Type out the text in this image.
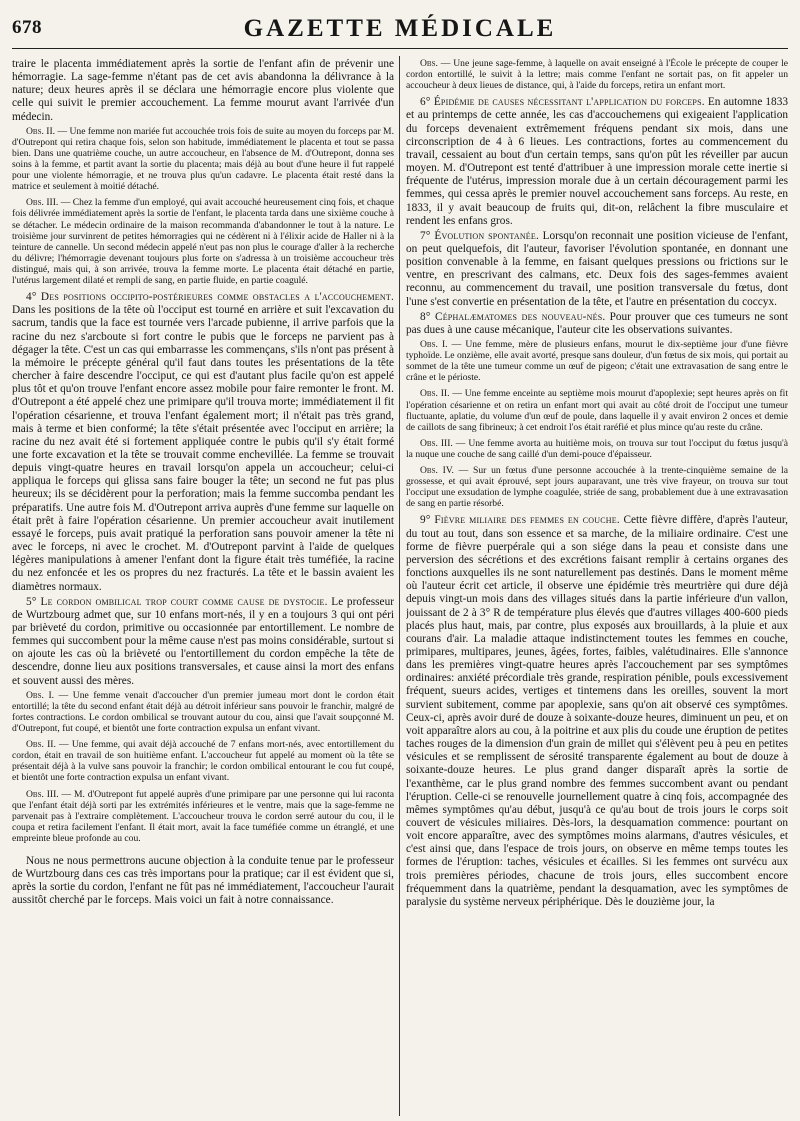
678	GAZETTE MÉDICALE

traire le placenta immédiatement après la sortie de l'enfant afin de prévenir une hémorragie. La sage-femme n'étant pas de cet avis abandonna la délivrance à la nature; deux heures après il se déclara une hémorragie encore plus violente que celle qui suivit le premier accouchement. La femme mourut avant l'arrivée d'un médecin.

Obs. II. — Une femme non mariée fut accouchée trois fois de suite au moyen du forceps par M. d'Outrepont qui retira chaque fois, selon son habitude, immédiatement le placenta et tout se passa bien. Dans une quatrième couche, un autre accoucheur, en l'absence de M. d'Outrepont, donna ses soins à la femme, et partit avant la sortie du placenta; mais déjà au bout d'une heure il fut rappelé pour une violente hémorragie, et ne trouva plus qu'un cadavre. Le placenta était resté dans la matrice et seulement à moitié détaché.

Obs. III. — Chez la femme d'un employé, qui avait accouché heureusement cinq fois, et chaque fois délivrée immédiatement après la sortie de l'enfant, le placenta tarda dans une sixième couche à se détacher. Le médecin ordinaire de la maison recommanda d'abandonner le tout à la nature. Le troisième jour survinrent de petites hémorragies qui ne cédèrent ni à l'élixir acide de Haller ni à la teinture de cannelle. Un second médecin appelé n'eut pas non plus le courage d'aller à la recherche du délivre; l'hémorragie devenant toujours plus forte on s'adressa à un troisième accoucheur très distingué, mais qui, à son arrivée, trouva la femme morte. Le placenta était détaché en partie, l'utérus largement dilaté et rempli de sang, en partie fluide, en partie coagulé.

4° Des positions occipito-postérieures comme obstacles a l'accouchement. Dans les positions de la tête où l'occiput est tourné en arrière et suit l'excavation du sacrum, tandis que la face est tournée vers l'arcade pubienne, il arrive parfois que la racine du nez s'arcboute si fort contre le pubis que le forceps ne parvient pas à dégager la tête. C'est un cas qui embarrasse les commençans, s'ils n'ont pas présent à la mémoire le précepte général qu'il faut dans toutes les présentations de la tête chercher à faire descendre l'occiput, ce qui est d'autant plus facile qu'on est appelé plus tôt et qu'on trouve l'enfant encore assez mobile pour faire remonter le front. M. d'Outrepont a été appelé chez une primipare qu'il trouva morte; immédiatement il fit l'opération césarienne, et trouva l'enfant également mort; il n'était pas très grand, mais à terme et bien conformé; la tête s'était présentée avec l'occiput en arrière; la racine du nez avait été si fortement appliquée contre le pubis qu'il s'y était formé une forte excavation et la tête se trouvait comme enchevillée. La femme se trouvait depuis vingt-quatre heures en travail lorsqu'on appela un accoucheur; celui-ci appliqua le forceps qui glissa sans faire bouger la tête; un second ne fut pas plus heureux; ils se décidèrent pour la perforation; mais la femme succomba pendant les préparatifs. Une autre fois M. d'Outrepont arriva auprès d'une femme sur laquelle on était prêt à faire l'opération césarienne. Un premier accoucheur avait inutilement essayé le forceps, puis avait pratiqué la perforation sans pouvoir amener la tête ni avec le forceps, ni avec le crochet. M. d'Outrepont parvint à l'aide de quelques légères manipulations à amener l'enfant dont la figure était très tuméfiée, la racine du nez enfoncée et les os propres du nez fracturés. La tête et le bassin avaient les diamètres normaux.

5° Le cordon ombilical trop court comme cause de dystocie. Le professeur de Wurtzbourg admet que, sur 10 enfans mort-nés, il y en a toujours 3 qui ont péri par brièveté du cordon, primitive ou occasionnée par entortillement. Le nombre de femmes qui succombent pour la même cause n'est pas moins considérable, surtout si on ajoute les cas où la brièveté ou l'entortillement du cordon empêche la tête de descendre, donne lieu aux positions transversales, et cause ainsi la mort des enfans et souvent aussi des mères.

Obs. I. — Une femme venait d'accoucher d'un premier jumeau mort dont le cordon était entortillé; la tête du second enfant était déjà au détroit inférieur sans pouvoir le franchir, malgré de fortes contractions. Le cordon ombilical se trouvant autour du cou, ainsi que l'avait soupçonné M. d'Outrepont, fut coupé, et bientôt une forte contraction expulsa un enfant vivant.

Obs. II. — Une femme, qui avait déjà accouché de 7 enfans mort-nés, avec entortillement du cordon, était en travail de son huitième enfant. L'accoucheur fut appelé au moment où la tête se présentait déjà à la vulve sans pouvoir la franchir; le cordon ombilical entourant le cou fut coupé, et bientôt une forte contraction expulsa un enfant vivant.

Obs. III. — M. d'Outrepont fut appelé auprès d'une primipare par une personne qui lui raconta que l'enfant était déjà sorti par les extrémités inférieures et le ventre, mais que la sage-femme ne parvenait pas à l'extraire complètement. L'accoucheur trouva le cordon serré autour du cou, il le coupa et retira facilement l'enfant. Il était mort, avait la face tuméfiée comme un étranglé, et une empreinte bleue profonde au cou.

Nous ne nous permettrons aucune objection à la conduite tenue par le professeur de Wurtzbourg dans ces cas très importans pour la pratique; car il est évident que si, après la sortie du cordon, l'enfant ne fût pas né immédiatement, l'accoucheur l'aurait aussitôt cherché par le forceps. Mais voici un fait à notre connaissance.

Obs. — Une jeune sage-femme, à laquelle on avait enseigné à l'École le précepte de couper le cordon entortillé, le suivit à la lettre; mais comme l'enfant ne sortait pas, on fit appeler un accoucheur à deux lieues de distance, qui, à l'aide du forceps, retira un enfant mort.

6° Épidémie de causes nécessitant l'application du forceps. En automne 1833 et au printemps de cette année, les cas d'accouchemens qui exigeaient l'application du forceps devenaient extrêmement fréquens pendant six mois, dans une circonscription de 4 à 6 lieues. Les contractions, fortes au commencement du travail, cessaient au bout d'un certain temps, sans qu'on pût les réveiller par aucun moyen. M. d'Outrepont est tenté d'attribuer à une impression morale cette inertie si fréquente de l'utérus, impression morale due à un certain découragement parmi les femmes, qui cessa après le premier nouvel accouchement sans forceps. Au reste, en 1833, il y avait beaucoup de fruits qui, dit-on, relâchent la fibre musculaire et rendent les enfans gros.

7° Évolution spontanée. Lorsqu'on reconnait une position vicieuse de l'enfant, on peut quelquefois, dit l'auteur, favoriser l'évolution spontanée, en donnant une position convenable à la femme, en faisant quelques pressions ou frictions sur le ventre, en prescrivant des calmans, etc. Deux fois des sages-femmes avaient reconnu, au commencement du travail, une position transversale du fœtus, dont l'une s'est convertie en présentation de la tête, et l'autre en présentation du coccyx.

8° Céphalæmatomes des nouveau-nés. Pour prouver que ces tumeurs ne sont pas dues à une cause mécanique, l'auteur cite les observations suivantes.

Obs. I. — Une femme, mère de plusieurs enfans, mourut le dix-septième jour d'une fièvre typhoïde. Le onzième, elle avait avorté, presque sans douleur, d'un fœtus de six mois, qui portait au sommet de la tête une tumeur comme un œuf de pigeon; c'était une extravasation de sang entre le crâne et le périoste.

Obs. II. — Une femme enceinte au septième mois mourut d'apoplexie; sept heures après on fit l'opération césarienne et on retira un enfant mort qui avait au côté droit de l'occiput une tumeur fluctuante, aplatie, du volume d'un œuf de poule, dans laquelle il y avait environ 2 onces et demie de caillots de sang fibrineux; à cet endroit l'os était raréfié et plus mince qu'au reste du crâne.

Obs. III. — Une femme avorta au huitième mois, on trouva sur tout l'occiput du fœtus jusqu'à la nuque une couche de sang caillé d'un demi-pouce d'épaisseur.

Obs. IV. — Sur un fœtus d'une personne accouchée à la trente-cinquième semaine de la grossesse, et qui avait éprouvé, sept jours auparavant, une très vive frayeur, on trouva sur tout l'occiput une exsudation de lymphe coagulée, striée de sang, probablement due à une extravasation de sang en partie résorbé.

9° Fièvre miliaire des femmes en couche. Cette fièvre diffère, d'après l'auteur, du tout au tout, dans son essence et sa marche, de la miliaire ordinaire. C'est une forme de fièvre puerpérale qui a son siége dans la peau et consiste dans une perversion des sécrétions et des excrétions faisant remplir à certains organes des fonctions auxquelles ils ne sont naturellement pas destinés. Dans le moment même où l'auteur écrit cet article, il observe une épidémie très meurtrière qui dure déjà depuis vingt-un mois dans des villages situés dans la partie inférieure d'un vallon, jouissant de 2 à 3° R de température plus élevés que d'autres villages 400-600 pieds placés plus haut, mais, par contre, plus exposés aux brouillards, à la pluie et aux courans d'air. La maladie attaque indistinctement toutes les femmes en couche, primipares, multipares, jeunes, âgées, fortes, faibles, valétudinaires. Elle s'annonce dans les premières vingt-quatre heures après l'accouchement par ses symptômes ordinaires: anxiété précordiale très grande, respiration pénible, pouls excessivement fréquent, sueurs acides, vertiges et tintemens dans les oreilles, souvent la mort survient subitement, comme par apoplexie, sans qu'on ait observé ces symptômes. Ceux-ci, après avoir duré de douze à soixante-douze heures, diminuent un peu, et on voit apparaître alors au cou, à la poitrine et aux plis du coude une éruption de petites taches rouges de la dimension d'un grain de millet qui s'élèvent peu à peu en petites vésicules et se remplissent de sérosité transparente également au bout de douze à soixante-douze heures. Le plus grand danger disparaît après la sortie de l'exanthème, car le plus grand nombre des femmes succombent avant ou pendant l'éruption. Celle-ci se renouvelle journellement quatre à cinq fois, accompagnée des mêmes symptômes qu'au début, jusqu'à ce qu'au bout de trois jours le corps soit couvert de vésicules miliaires. Dès-lors, la desquamation commence: pourtant on voit encore apparaître, avec des symptômes moins alarmans, d'autres vésicules, et c'est ainsi que, dans l'espace de trois jours, on observe en même temps toutes les formes de l'éruption: taches, vésicules et écailles. Si les femmes ont survécu aux trois premières périodes, chacune de trois jours, elles succombent encore fréquemment dans la quatrième, pendant la desquamation, avec les symptômes de paralysie du système nerveux périphérique. Dès le douzième jour, la
